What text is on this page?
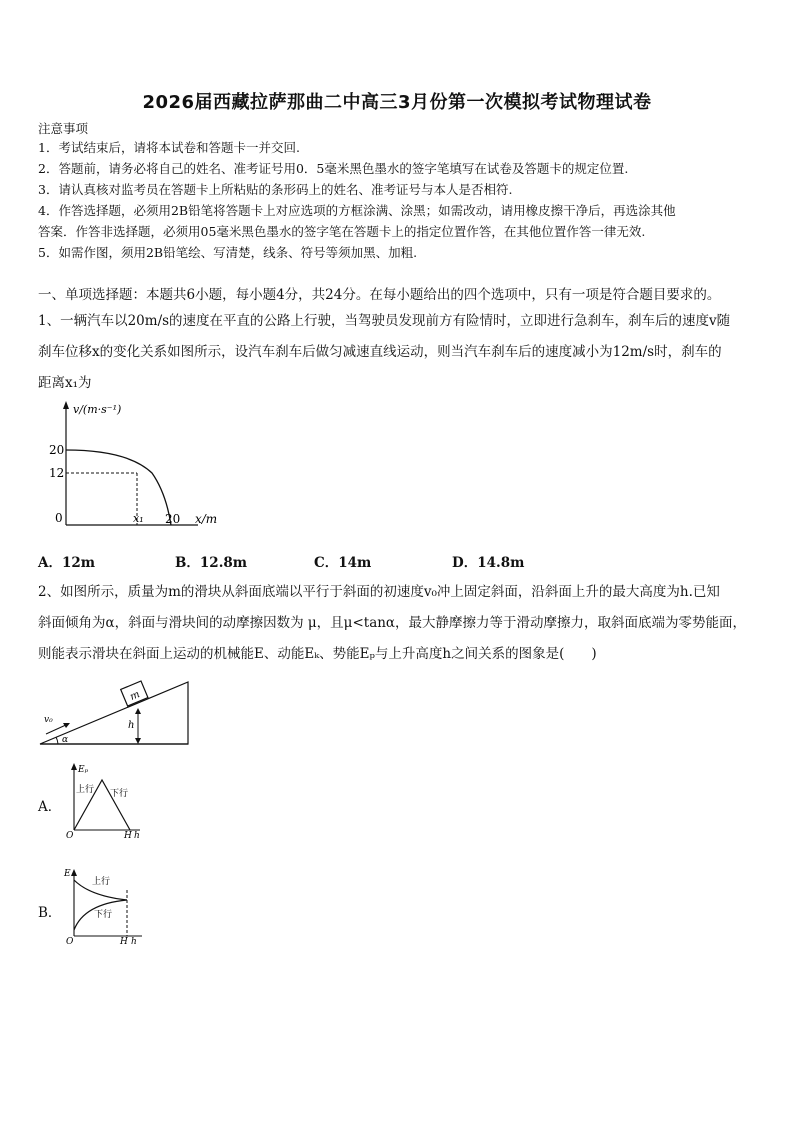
2026届西藏拉萨那曲二中高三3月份第一次模拟考试物理试卷
注意事项
1．考试结束后，请将本试卷和答题卡一并交回.
2．答题前，请务必将自己的姓名、准考证号用0．5毫米黑色墨水的签字笔填写在试卷及答题卡的规定位置.
3．请认真核对监考员在答题卡上所粘贴的条形码上的姓名、准考证号与本人是否相符.
4．作答选择题，必须用2B铅笔将答题卡上对应选项的方框涂满、涂黑；如需改动，请用橡皮擦干净后，再选涂其他
答案．作答非选择题，必须用05毫米黑色墨水的签字笔在答题卡上的指定位置作答，在其他位置作答一律无效.
5．如需作图，须用2B铅笔绘、写清楚，线条、符号等须加黑、加粗.
一、单项选择题：本题共6小题，每小题4分，共24分。在每小题给出的四个选项中，只有一项是符合题目要求的。
1、一辆汽车以20m/s的速度在平直的公路上行驶，当驾驶员发现前方有险情时，立即进行急刹车，刹车后的速度v随
刹车位移x的变化关系如图所示，设汽车刹车后做匀减速直线运动，则当汽车刹车后的速度减小为12m/s时，刹车的
距离x₁为
v/(m·s⁻¹)
20
12
0	x₁ 20 x/m
A．12m	B．12.8m	C．14m	D．14.8m
2、如图所示，质量为m的滑块从斜面底端以平行于斜面的初速度v₀冲上固定斜面，沿斜面上升的最大高度为h.已知
斜面倾角为α，斜面与滑块间的动摩擦因数为 μ，且μ<tanα，最大静摩擦力等于滑动摩擦力，取斜面底端为零势能面，
则能表示滑块在斜面上运动的机械能E、动能Eₖ、势能Eₚ与上升高度h之间关系的图象是(　　)
m
v₀	h
α
A．
Eₚ
上行 下行
O	H h
B．
E
上行
下行
O	H h
